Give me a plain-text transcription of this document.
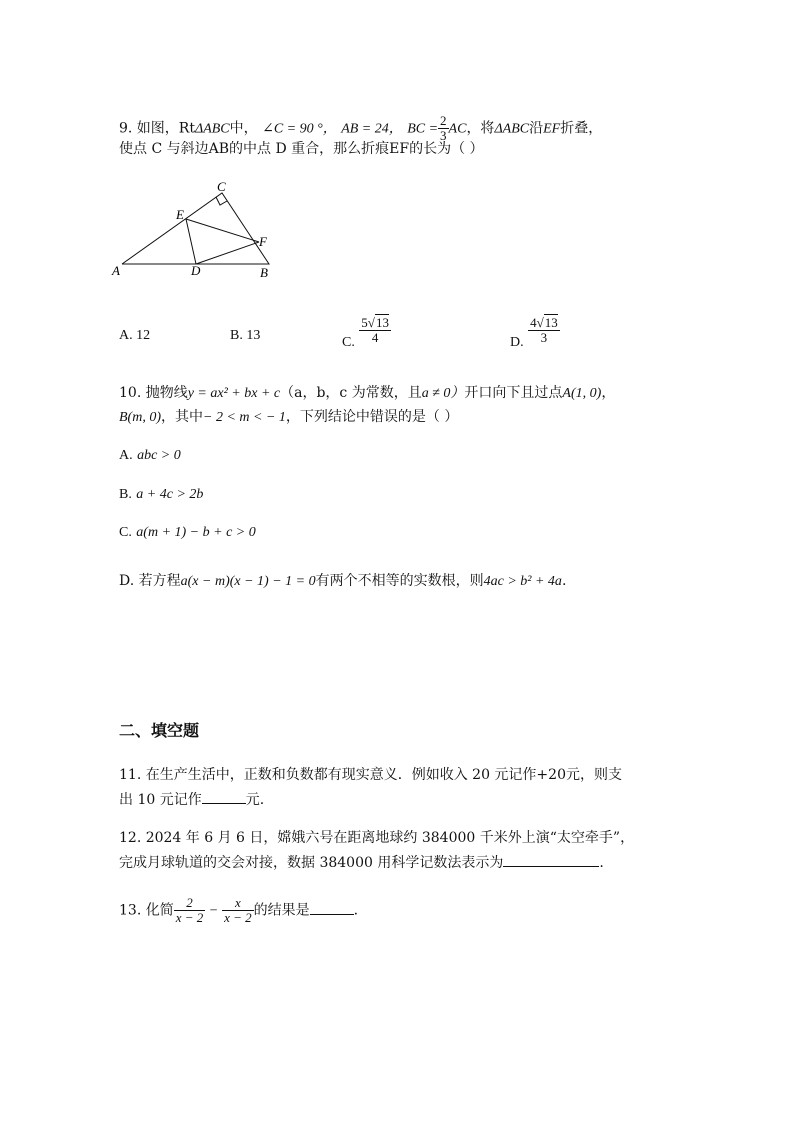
9. 如图，RtΔABC中， ∠C = 90 °， AB = 24， BC = $\frac{2}{3}$ AC，将ΔABC沿EF折叠，
使点 C 与斜边AB的中点 D 重合，那么折痕EF的长为（ ）
A	D	B
C
E
F
A. 12	B. 13	C. $\frac{5√13}{4}$	D. $\frac{4√13}{3}$
10. 抛物线y = ax² + bx + c（a，b，c 为常数，且a ≠ 0）开口向下且过点A(1, 0)，
B(m, 0)，其中− 2 < m < − 1，下列结论中错误的是（ ）
A. abc > 0
B. a + 4c > 2b
C. a(m + 1) − b + c > 0
D. 若方程a(x − m)(x − 1) − 1 = 0有两个不相等的实数根，则4ac > b² + 4a.
二、填空题
11. 在生产生活中，正数和负数都有现实意义．例如收入 20 元记作+20元，则支
出 10 元记作	元.
12. 2024 年 6 月 6 日，嫦娥六号在距离地球约 384000 千米外上演“太空牵手”，
完成月球轨道的交会对接，数据 384000 用科学记数法表示为	.
13. 化简 $\frac{2}{x - 2} - \frac{x}{x - 2}$ 的结果是	.
